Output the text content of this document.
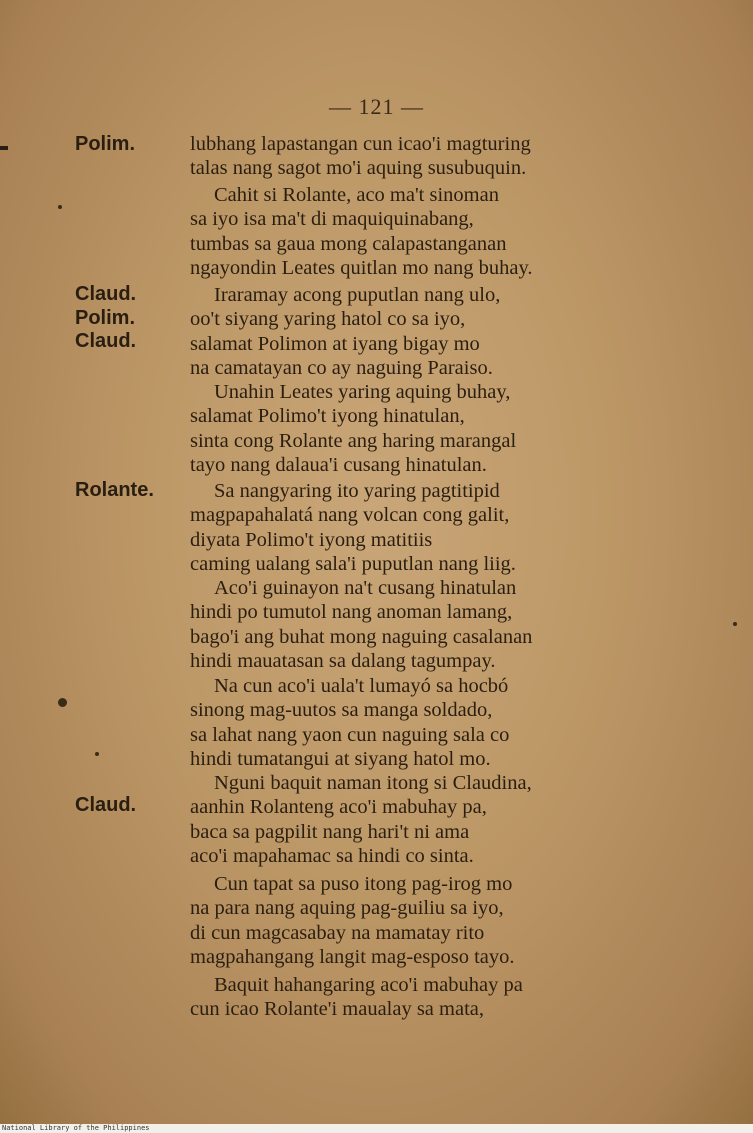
— 121 —
Polim.
Claud.
Polim.
Claud.
Rolante.
Claud.
lubhang lapastangan cun icao'i magturing
talas nang sagot mo'i aquing susubuquin.
Cahit si Rolante, aco ma't sinoman
sa iyo isa ma't di maquiquinabang,
tumbas sa gaua mong calapastanganan
ngayondin Leates quitlan mo nang buhay.
Iraramay acong puputlan nang ulo,
oo't siyang yaring hatol co sa iyo,
salamat Polimon at iyang bigay mo
na camatayan co ay naguing Paraiso.
Unahin Leates yaring aquing buhay,
salamat Polimo't iyong hinatulan,
sinta cong Rolante ang haring marangal
tayo nang dalaua'i cusang hinatulan.
Sa nangyaring ito yaring pagtitipid
magpapahalatá nang volcan cong galit,
diyata Polimo't iyong matitiis
caming ualang sala'i puputlan nang liig.
Aco'i guinayon na't cusang hinatulan
hindi po tumutol nang anoman lamang,
bago'i ang buhat mong naguing casalanan
hindi mauatasan sa dalang tagumpay.
Na cun aco'i uala't lumayó sa hocbó
sinong mag-uutos sa manga soldado,
sa lahat nang yaon cun naguing sala co
hindi tumatangui at siyang hatol mo.
Nguni baquit naman itong si Claudina,
aanhin Rolanteng aco'i mabuhay pa,
baca sa pagpilit nang hari't ni ama
aco'i mapahamac sa hindi co sinta.
Cun tapat sa puso itong pag-irog mo
na para nang aquing pag-guiliu sa iyo,
di cun magcasabay na mamatay rito
magpahangang langit mag-esposo tayo.
Baquit hahangaring aco'i mabuhay pa
cun icao Rolante'i maualay sa mata,
National Library of the Philippines
